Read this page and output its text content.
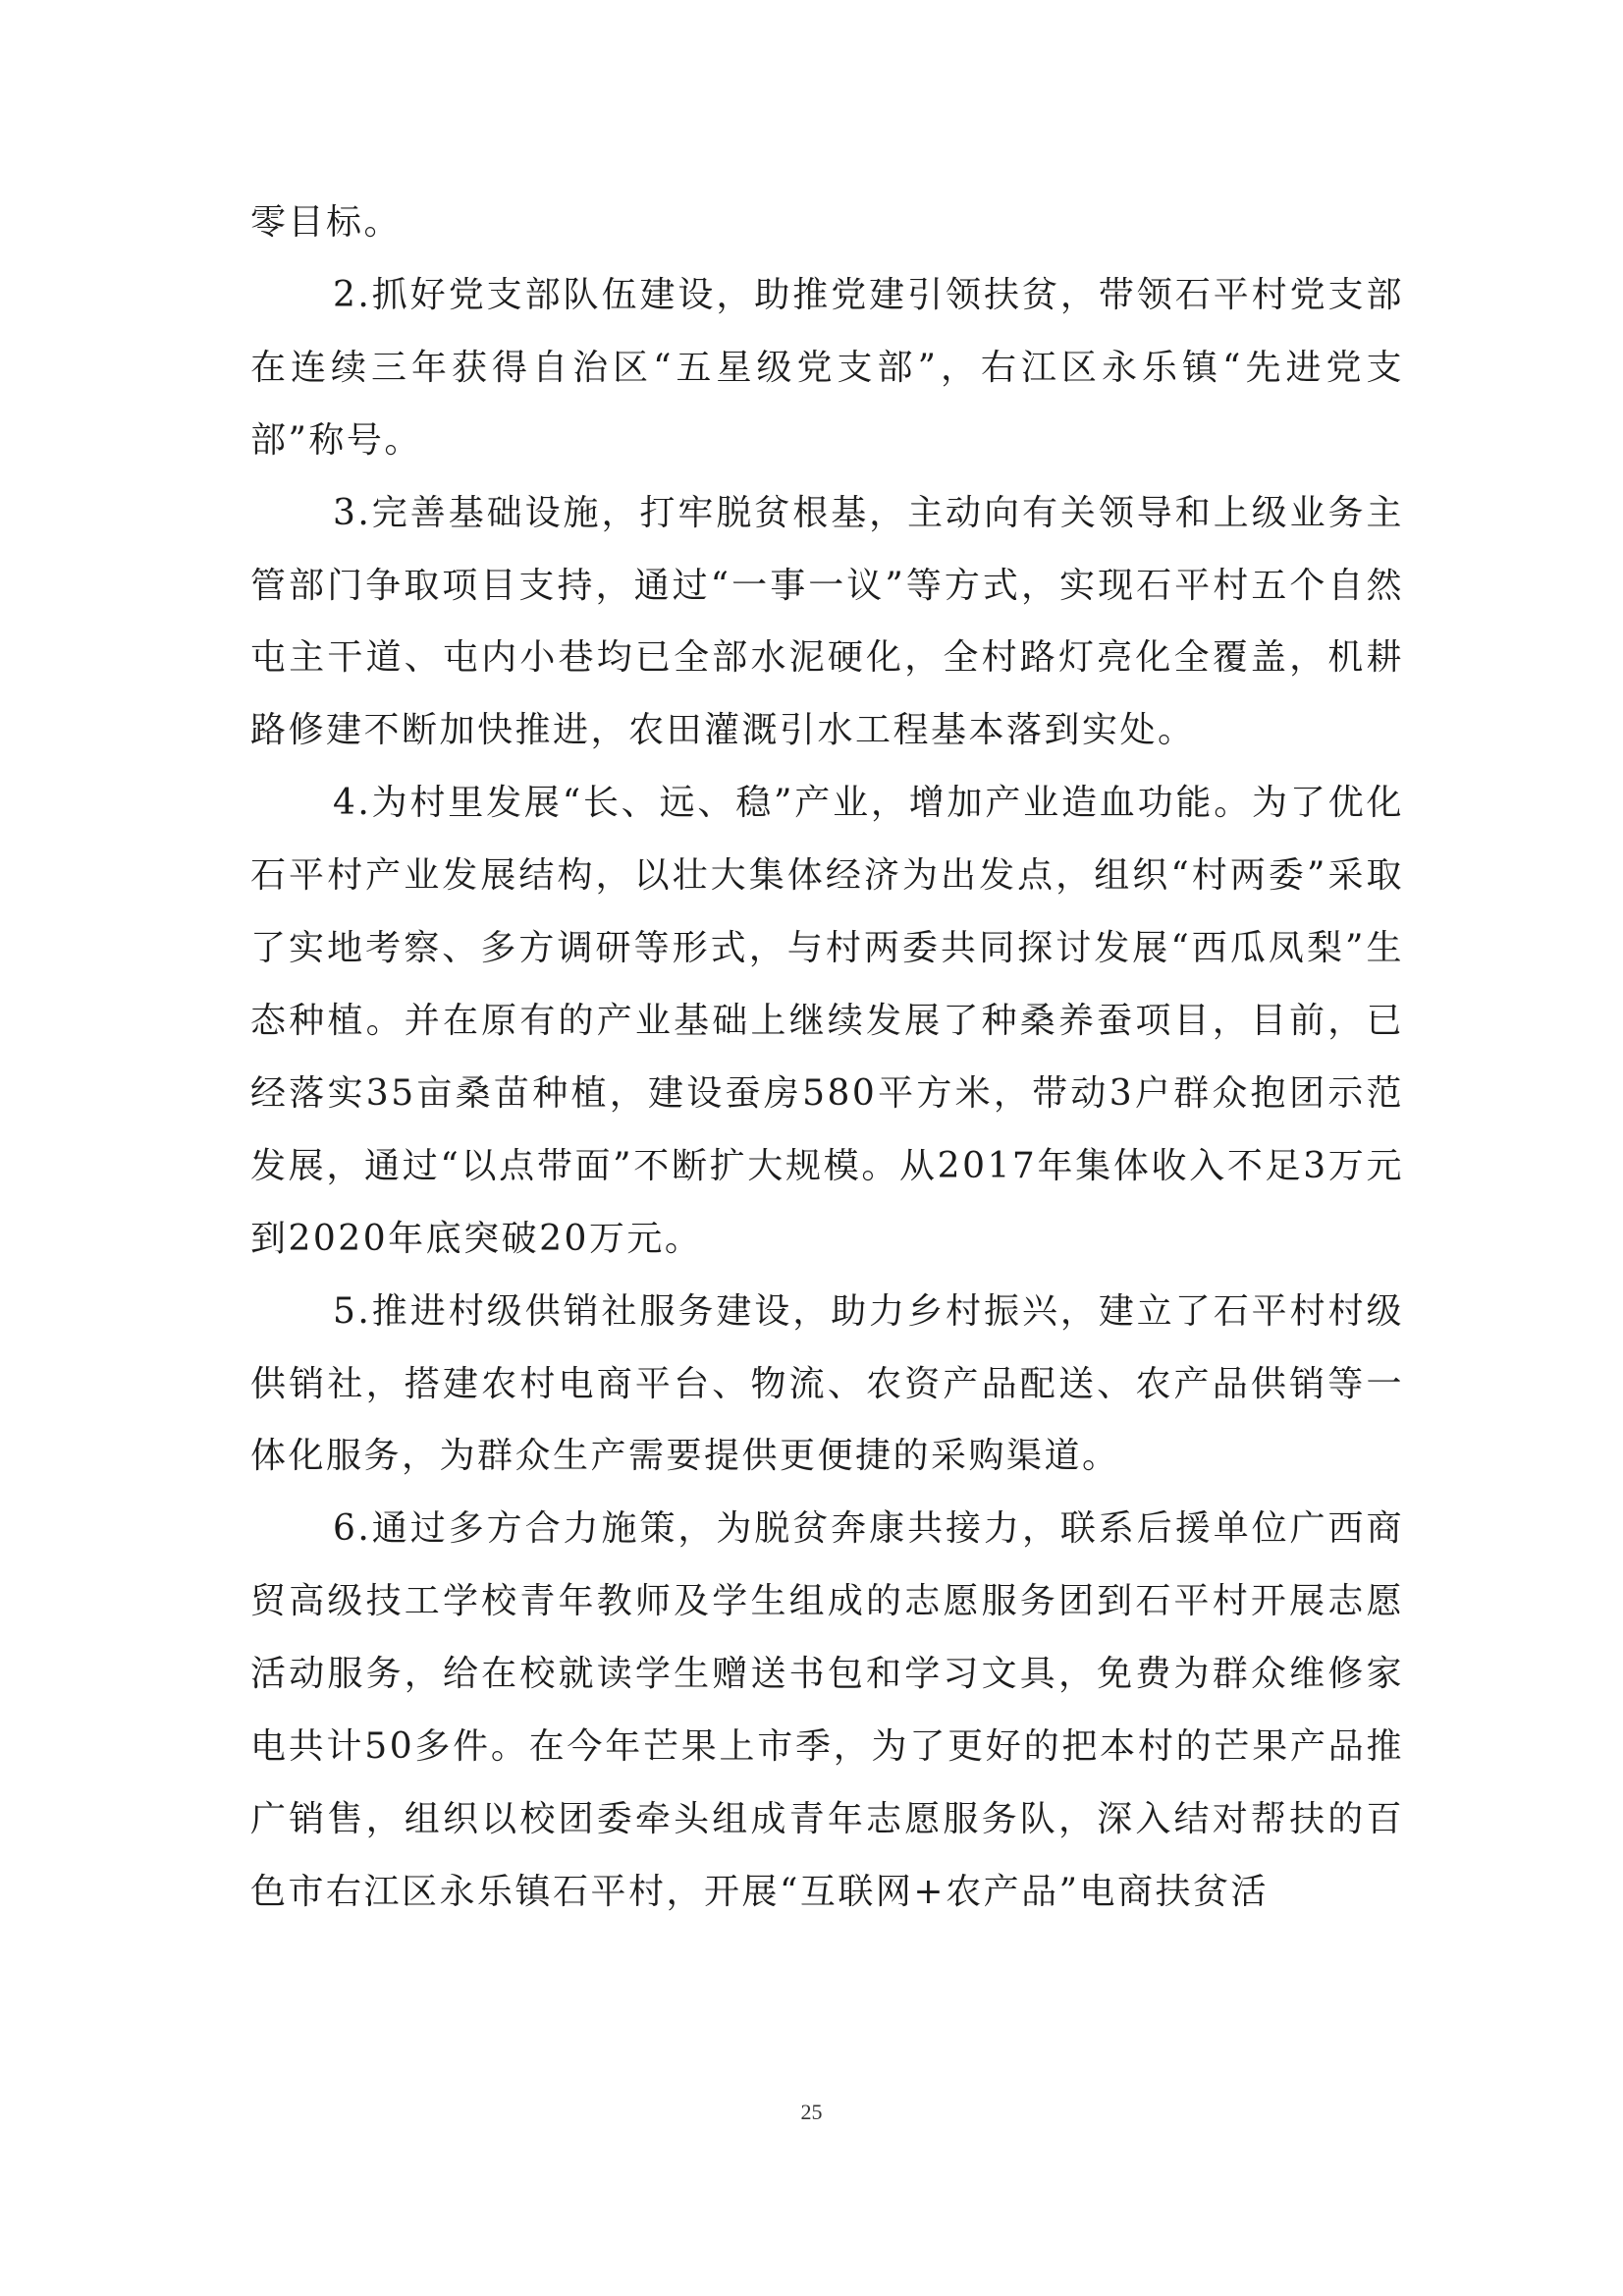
零目标。

2.抓好党支部队伍建设，助推党建引领扶贫，带领石平村党支部在连续三年获得自治区“五星级党支部”，右江区永乐镇“先进党支部”称号。

3.完善基础设施，打牢脱贫根基，主动向有关领导和上级业务主管部门争取项目支持，通过“一事一议”等方式，实现石平村五个自然屯主干道、屯内小巷均已全部水泥硬化，全村路灯亮化全覆盖，机耕路修建不断加快推进，农田灌溉引水工程基本落到实处。

4.为村里发展“长、远、稳”产业，增加产业造血功能。为了优化石平村产业发展结构，以壮大集体经济为出发点，组织“村两委”采取了实地考察、多方调研等形式，与村两委共同探讨发展“西瓜凤梨”生态种植。并在原有的产业基础上继续发展了种桑养蚕项目，目前，已经落实35亩桑苗种植，建设蚕房580平方米，带动3户群众抱团示范发展，通过“以点带面”不断扩大规模。从2017年集体收入不足3万元到2020年底突破20万元。

5.推进村级供销社服务建设，助力乡村振兴，建立了石平村村级供销社，搭建农村电商平台、物流、农资产品配送、农产品供销等一体化服务，为群众生产需要提供更便捷的采购渠道。

6.通过多方合力施策，为脱贫奔康共接力，联系后援单位广西商贸高级技工学校青年教师及学生组成的志愿服务团到石平村开展志愿活动服务，给在校就读学生赠送书包和学习文具，免费为群众维修家电共计50多件。在今年芒果上市季，为了更好的把本村的芒果产品推广销售，组织以校团委牵头组成青年志愿服务队，深入结对帮扶的百色市右江区永乐镇石平村，开展“互联网+农产品”电商扶贫活

25
